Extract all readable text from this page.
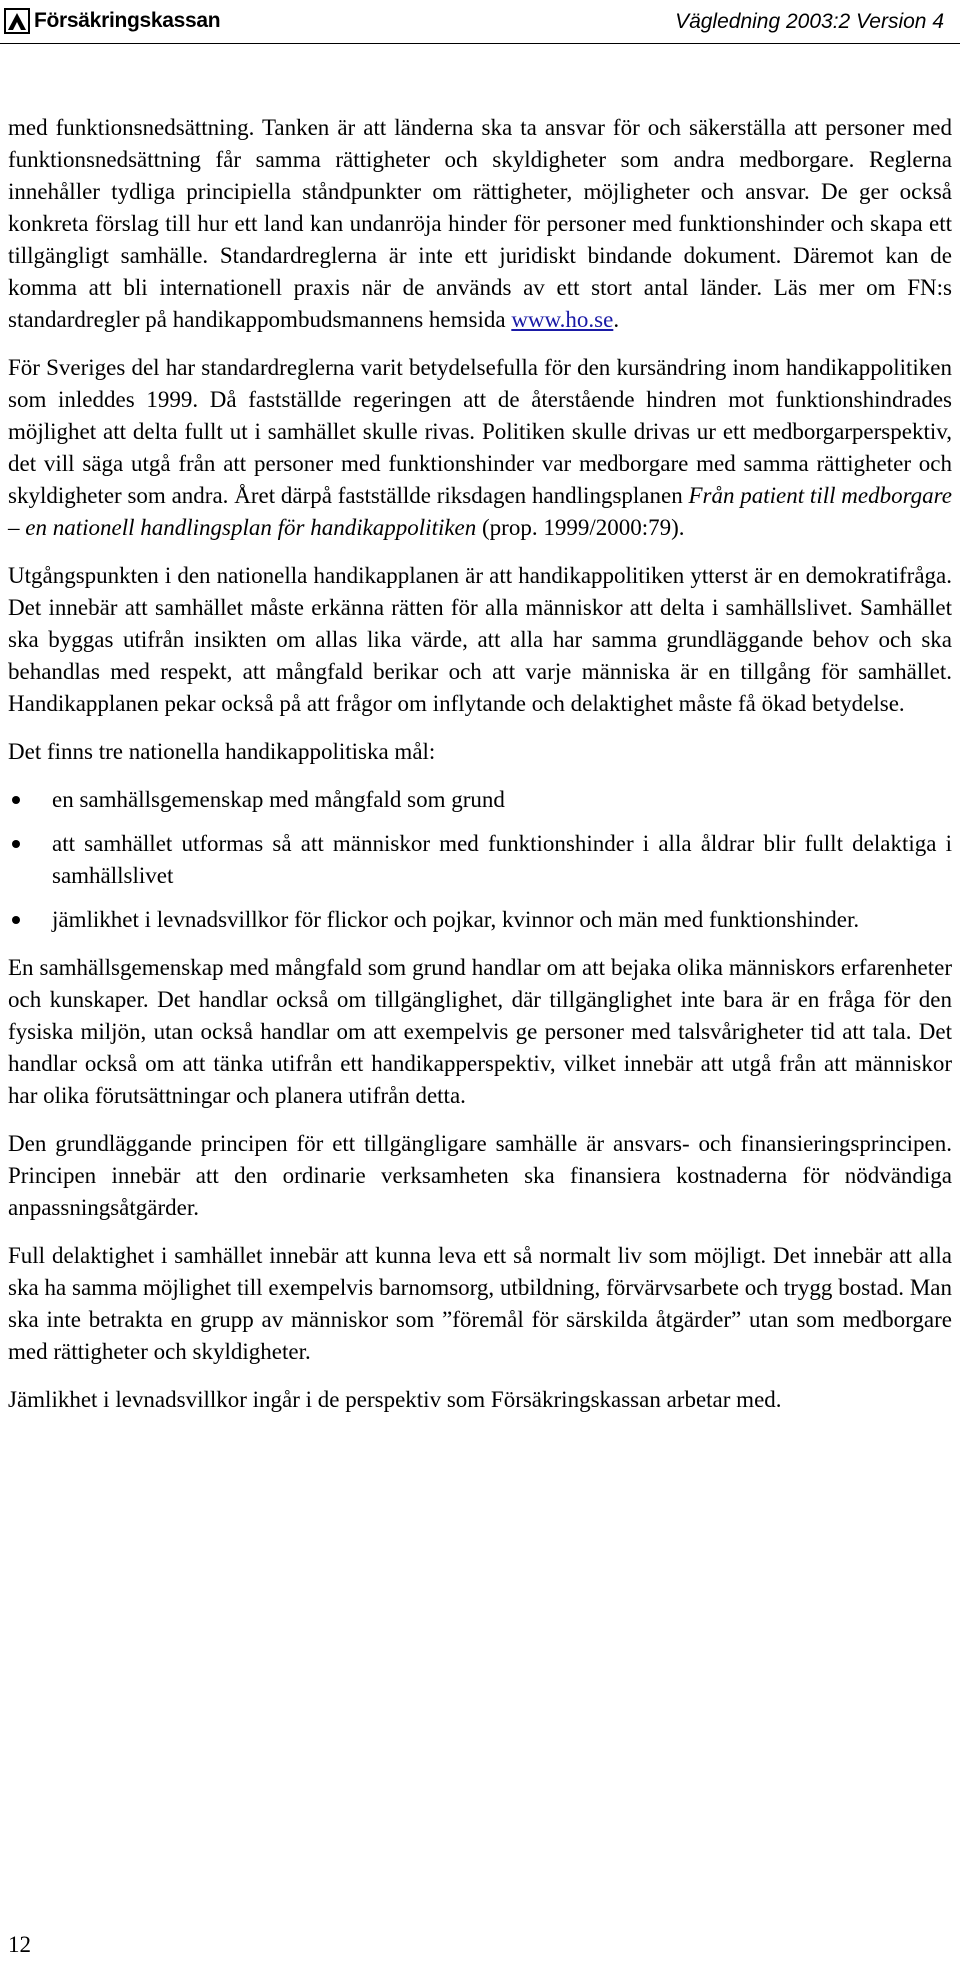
Försäkringskassan	Vägledning 2003:2 Version 4

med funktionsnedsättning. Tanken är att länderna ska ta ansvar för och säkerställa att personer med funktionsnedsättning får samma rättigheter och skyldigheter som andra medborgare. Reglerna innehåller tydliga principiella ståndpunkter om rättigheter, möjligheter och ansvar. De ger också konkreta förslag till hur ett land kan undanröja hinder för personer med funktionshinder och skapa ett tillgängligt samhälle. Standardreglerna är inte ett juridiskt bindande dokument. Däremot kan de komma att bli internationell praxis när de används av ett stort antal länder. Läs mer om FN:s standardregler på handikappombudsmannens hemsida www.ho.se.

För Sveriges del har standardreglerna varit betydelsefulla för den kursändring inom handikappolitiken som inleddes 1999. Då fastställde regeringen att de återstående hindren mot funktionshindrades möjlighet att delta fullt ut i samhället skulle rivas. Politiken skulle drivas ur ett medborgarperspektiv, det vill säga utgå från att personer med funktionshinder var medborgare med samma rättigheter och skyldigheter som andra. Året därpå fastställde riksdagen handlingsplanen Från patient till medborgare – en nationell handlingsplan för handikappolitiken (prop. 1999/2000:79).

Utgångspunkten i den nationella handikapplanen är att handikappolitiken ytterst är en demokratifråga. Det innebär att samhället måste erkänna rätten för alla människor att delta i samhällslivet. Samhället ska byggas utifrån insikten om allas lika värde, att alla har samma grundläggande behov och ska behandlas med respekt, att mångfald berikar och att varje människa är en tillgång för samhället. Handikapplanen pekar också på att frågor om inflytande och delaktighet måste få ökad betydelse.

Det finns tre nationella handikappolitiska mål:

en samhällsgemenskap med mångfald som grund
att samhället utformas så att människor med funktionshinder i alla åldrar blir fullt delaktiga i samhällslivet
jämlikhet i levnadsvillkor för flickor och pojkar, kvinnor och män med funktionshinder.

En samhällsgemenskap med mångfald som grund handlar om att bejaka olika människors erfarenheter och kunskaper. Det handlar också om tillgänglighet, där tillgänglighet inte bara är en fråga för den fysiska miljön, utan också handlar om att exempelvis ge personer med talsvårigheter tid att tala. Det handlar också om att tänka utifrån ett handikapperspektiv, vilket innebär att utgå från att människor har olika förutsättningar och planera utifrån detta.

Den grundläggande principen för ett tillgängligare samhälle är ansvars- och finansieringsprincipen. Principen innebär att den ordinarie verksamheten ska finansiera kostnaderna för nödvändiga anpassningsåtgärder.

Full delaktighet i samhället innebär att kunna leva ett så normalt liv som möjligt. Det innebär att alla ska ha samma möjlighet till exempelvis barnomsorg, utbildning, förvärvsarbete och trygg bostad. Man ska inte betrakta en grupp av människor som ”föremål för särskilda åtgärder” utan som medborgare med rättigheter och skyldigheter.

Jämlikhet i levnadsvillkor ingår i de perspektiv som Försäkringskassan arbetar med.

12
